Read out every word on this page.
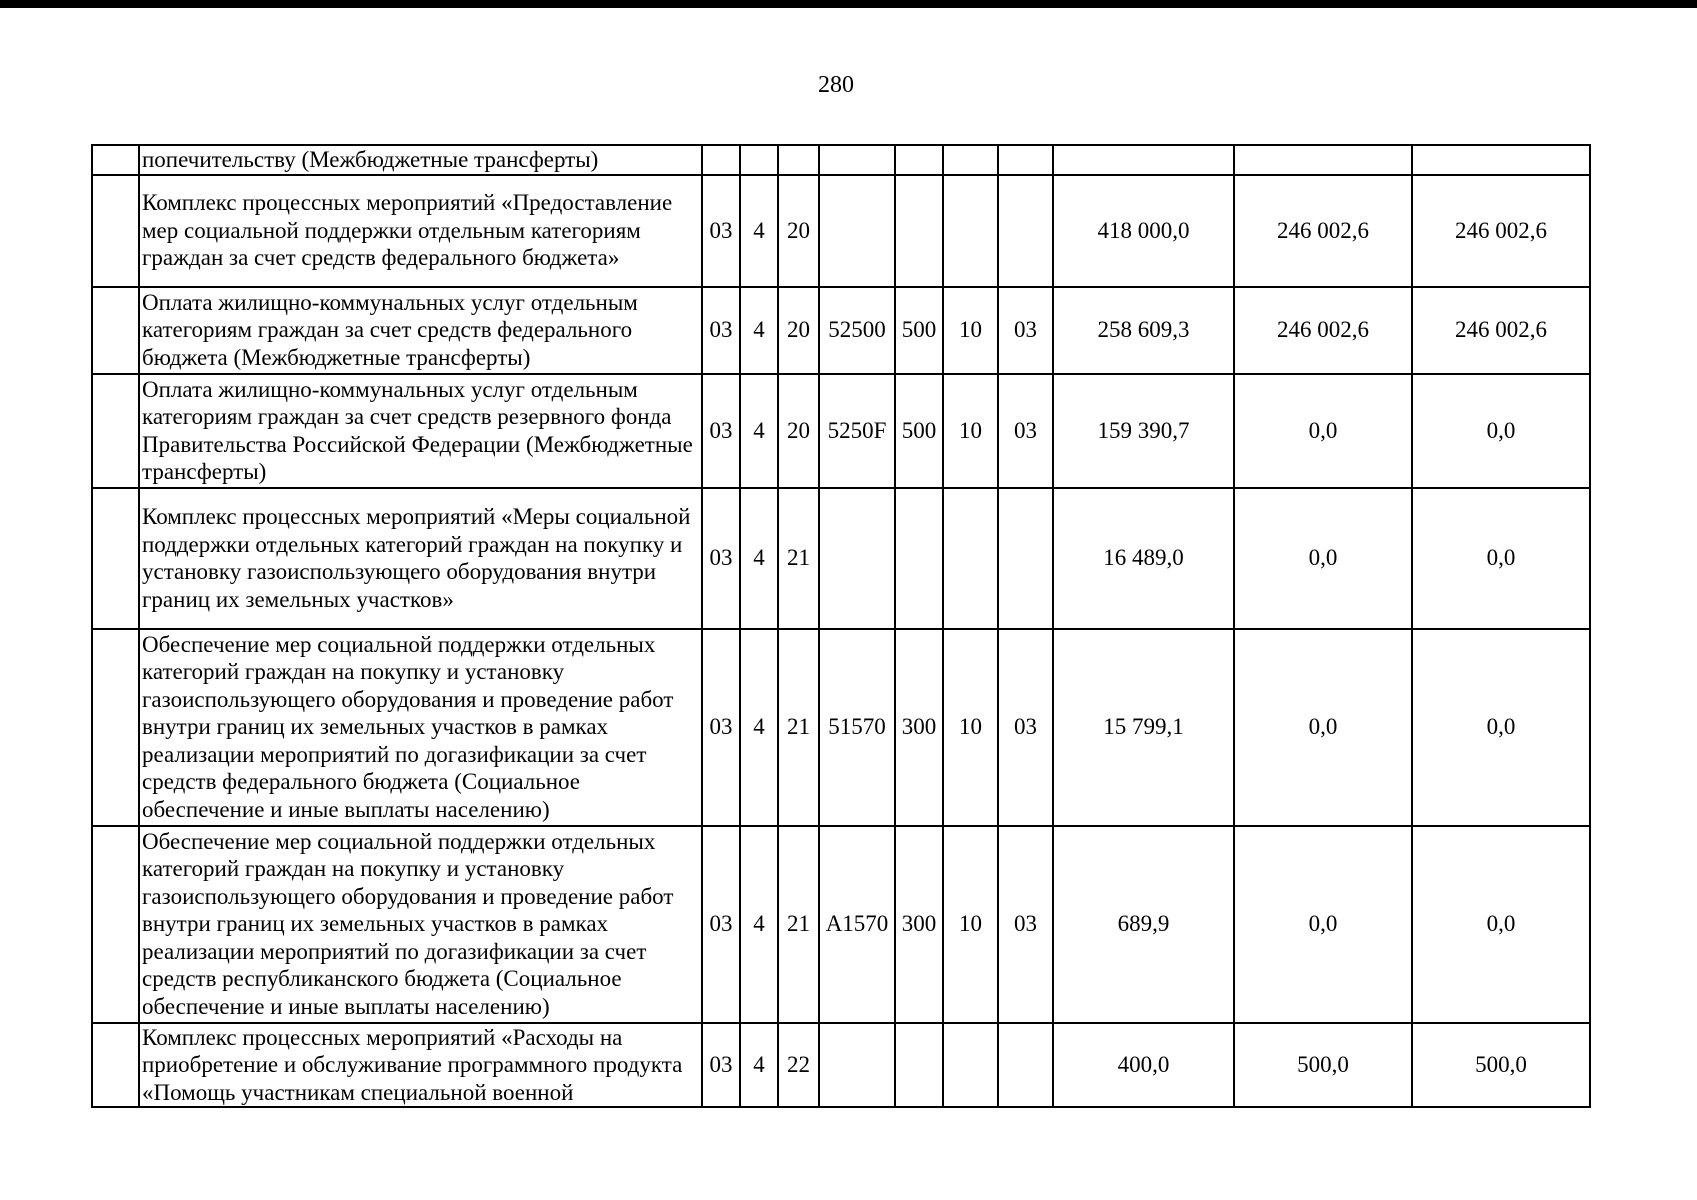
280
	попечительству (Межбюджетные трансферты)										
	Комплекс процессных мероприятий «Предоставление мер социальной поддержки отдельным категориям граждан за счет средств федерального бюджета»	03	4	20					418 000,0	246 002,6	246 002,6
	Оплата жилищно-коммунальных услуг отдельным категориям граждан за счет средств федерального бюджета (Межбюджетные трансферты)	03	4	20	52500	500	10	03	258 609,3	246 002,6	246 002,6
	Оплата жилищно-коммунальных услуг отдельным категориям граждан за счет средств резервного фонда Правительства Российской Федерации (Межбюджетные трансферты)	03	4	20	5250F	500	10	03	159 390,7	0,0	0,0
	Комплекс процессных мероприятий «Меры социальной поддержки отдельных категорий граждан на покупку и установку газоиспользующего оборудования внутри границ их земельных участков»	03	4	21					16 489,0	0,0	0,0
	Обеспечение мер социальной поддержки отдельных категорий граждан на покупку и установку газоиспользующего оборудования и проведение работ внутри границ их земельных участков в рамках реализации мероприятий по догазификации за счет средств федерального бюджета (Социальное обеспечение и иные выплаты населению)	03	4	21	51570	300	10	03	15 799,1	0,0	0,0
	Обеспечение мер социальной поддержки отдельных категорий граждан на покупку и установку газоиспользующего оборудования и проведение работ внутри границ их земельных участков в рамках реализации мероприятий по догазификации за счет средств республиканского бюджета (Социальное обеспечение и иные выплаты населению)	03	4	21	A1570	300	10	03	689,9	0,0	0,0
	Комплекс процессных мероприятий «Расходы на приобретение и обслуживание программного продукта «Помощь участникам специальной военной	03	4	22					400,0	500,0	500,0
